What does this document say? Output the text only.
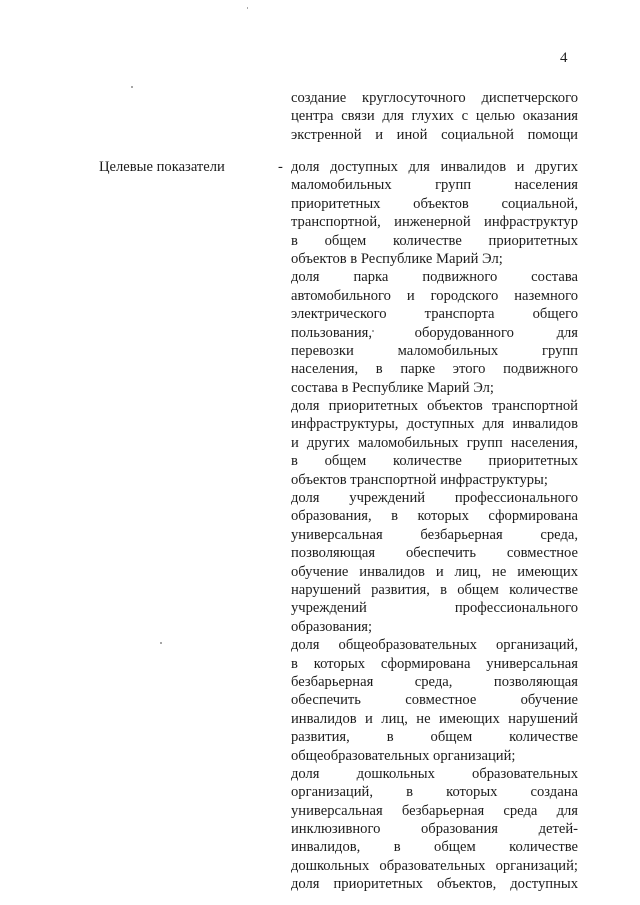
4
создание круглосуточного диспетчерского
центра связи для глухих с целью оказания
экстренной и иной социальной помощи
Целевые показатели	- доля доступных для инвалидов и других
маломобильных групп населения
приоритетных объектов социальной,
транспортной, инженерной инфраструктур
в общем количестве приоритетных
объектов в Республике Марий Эл;
доля парка подвижного состава
автомобильного и городского наземного
электрического транспорта общего
пользования, оборудованного для
перевозки маломобильных групп
населения, в парке этого подвижного
состава в Республике Марий Эл;
доля приоритетных объектов транспортной
инфраструктуры, доступных для инвалидов
и других маломобильных групп населения,
в общем количестве приоритетных
объектов транспортной инфраструктуры;
доля учреждений профессионального
образования, в которых сформирована
универсальная безбарьерная среда,
позволяющая обеспечить совместное
обучение инвалидов и лиц, не имеющих
нарушений развития, в общем количестве
учреждений профессионального
образования;
доля общеобразовательных организаций,
в которых сформирована универсальная
безбарьерная среда, позволяющая
обеспечить совместное обучение
инвалидов и лиц, не имеющих нарушений
развития, в общем количестве
общеобразовательных организаций;
доля дошкольных образовательных
организаций, в которых создана
универсальная безбарьерная среда для
инклюзивного образования детей-
инвалидов, в общем количестве
дошкольных образовательных организаций;
доля приоритетных объектов, доступных
